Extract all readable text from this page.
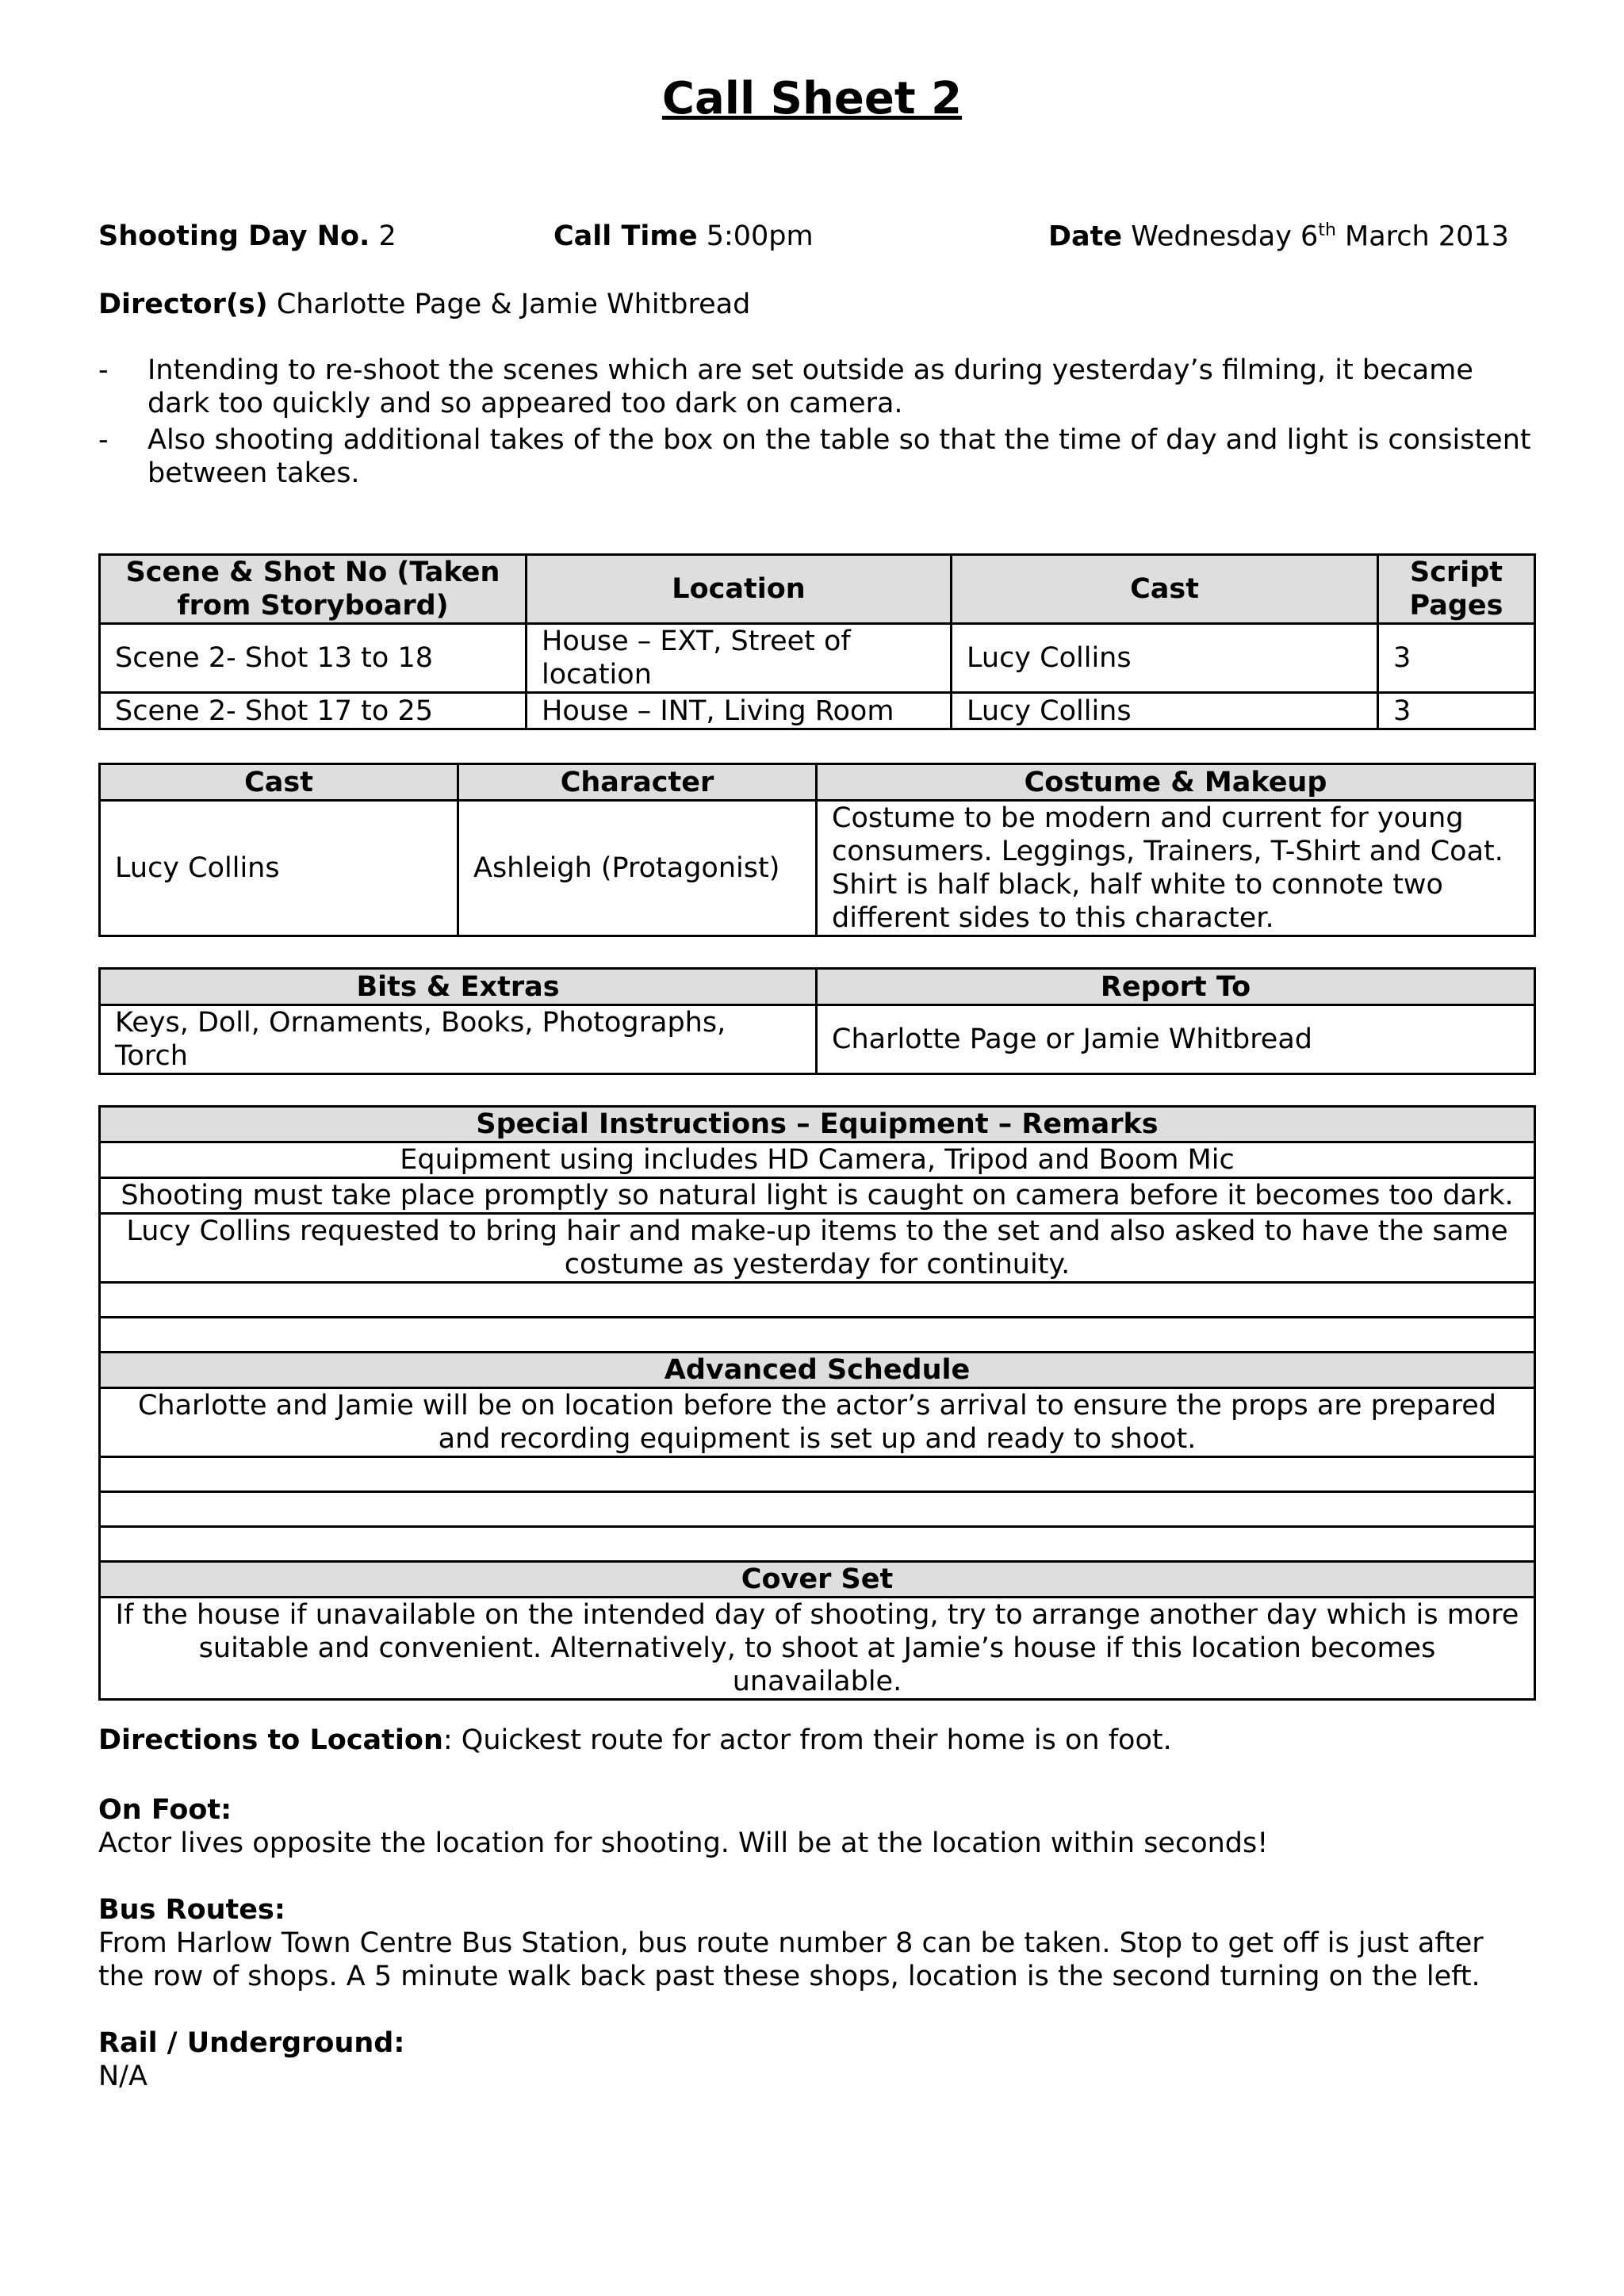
Call Sheet 2
Shooting Day No. 2	Call Time 5:00pm	Date Wednesday 6th March 2013
Director(s) Charlotte Page & Jamie Whitbread
-	Intending to re-shoot the scenes which are set outside as during yesterday’s filming, it became dark too quickly and so appeared too dark on camera.
-	Also shooting additional takes of the box on the table so that the time of day and light is consistent between takes.
Scene & Shot No (Taken from Storyboard)	Location	Cast	Script Pages
Scene 2- Shot 13 to 18	House – EXT, Street of location	Lucy Collins	3
Scene 2- Shot 17 to 25	House – INT, Living Room	Lucy Collins	3
Cast	Character	Costume & Makeup
Lucy Collins	Ashleigh (Protagonist)	Costume to be modern and current for young consumers. Leggings, Trainers, T-Shirt and Coat. Shirt is half black, half white to connote two different sides to this character.
Bits & Extras	Report To
Keys, Doll, Ornaments, Books, Photographs, Torch	Charlotte Page or Jamie Whitbread
Special Instructions – Equipment – Remarks
Equipment using includes HD Camera, Tripod and Boom Mic
Shooting must take place promptly so natural light is caught on camera before it becomes too dark.
Lucy Collins requested to bring hair and make-up items to the set and also asked to have the same costume as yesterday for continuity.

Advanced Schedule
Charlotte and Jamie will be on location before the actor’s arrival to ensure the props are prepared and recording equipment is set up and ready to shoot.

Cover Set
If the house if unavailable on the intended day of shooting, try to arrange another day which is more suitable and convenient. Alternatively, to shoot at Jamie’s house if this location becomes unavailable.
Directions to Location: Quickest route for actor from their home is on foot.
On Foot:
Actor lives opposite the location for shooting. Will be at the location within seconds!
Bus Routes:
From Harlow Town Centre Bus Station, bus route number 8 can be taken. Stop to get off is just after the row of shops. A 5 minute walk back past these shops, location is the second turning on the left.
Rail / Underground:
N/A
